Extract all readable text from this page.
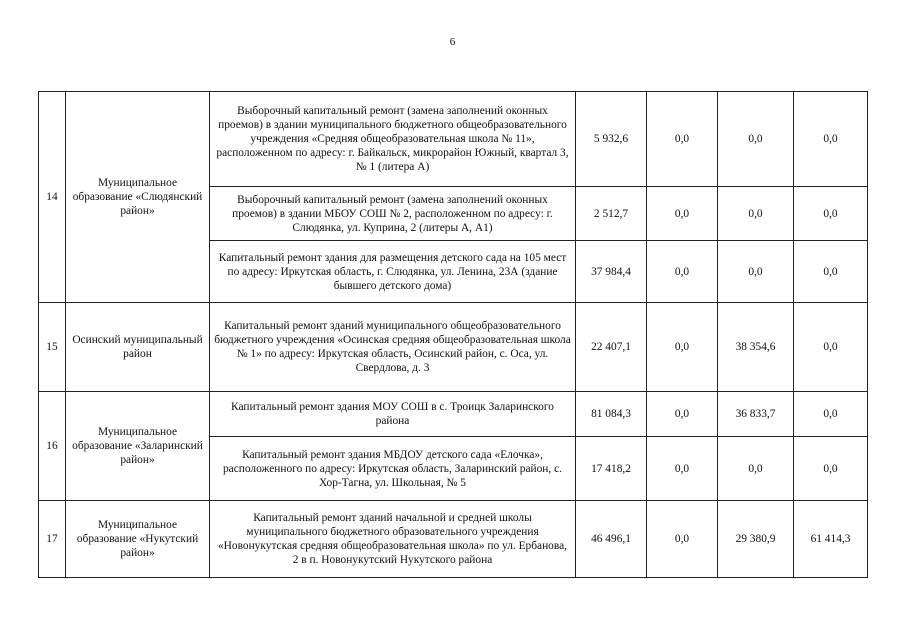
6
14	Муниципальное образование «Слюдянский район»	Выборочный капитальный ремонт (замена заполнений оконных проемов) в здании муниципального бюджетного общеобразовательного учреждения «Средняя общеобразовательная школа № 11», расположенном по адресу: г. Байкальск, микрорайон Южный, квартал 3, № 1 (литера А)	5 932,6	0,0	0,0	0,0
		Выборочный капитальный ремонт (замена заполнений оконных проемов) в здании МБОУ СОШ № 2, расположенном по адресу: г. Слюдянка, ул. Куприна, 2 (литеры А, А1)	2 512,7	0,0	0,0	0,0
		Капитальный ремонт здания для размещения детского сада на 105 мест по адресу: Иркутская область, г. Слюдянка, ул. Ленина, 23А (здание бывшего детского дома)	37 984,4	0,0	0,0	0,0
15	Осинский муниципальный район	Капитальный ремонт зданий муниципального общеобразовательного бюджетного учреждения «Осинская средняя общеобразовательная школа № 1» по адресу: Иркутская область, Осинский район, с. Оса, ул. Свердлова, д. 3	22 407,1	0,0	38 354,6	0,0
16	Муниципальное образование «Заларинский район»	Капитальный ремонт здания МОУ СОШ в с. Троицк Заларинского района	81 084,3	0,0	36 833,7	0,0
		Капитальный ремонт здания МБДОУ детского сада «Елочка», расположенного по адресу: Иркутская область, Заларинский район, с. Хор-Тагна, ул. Школьная, № 5	17 418,2	0,0	0,0	0,0
17	Муниципальное образование «Нукутский район»	Капитальный ремонт зданий начальной и средней школы муниципального бюджетного образовательного учреждения «Новонукутская средняя общеобразовательная школа» по ул. Ербанова, 2 в п. Новонукутский Нукутского района	46 496,1	0,0	29 380,9	61 414,3
